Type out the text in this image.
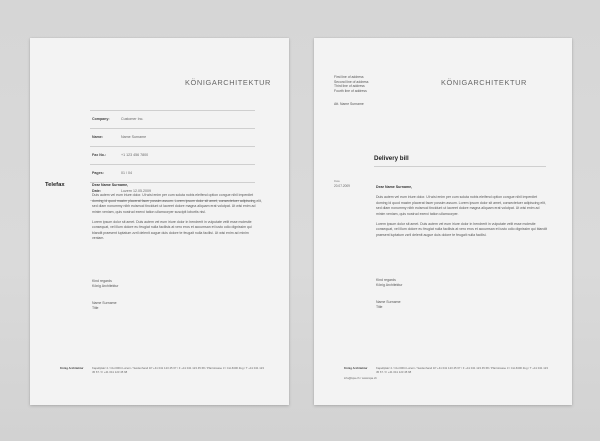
KÖNIGARCHITEKTUR
Company:	Customer Inc.
Name:	Name Surname
Fax No.:	+1 123 456 7800
Pages:	01 / 04
Date:	Luzern 12.05.2009
Telefax	Dear Name Surname,

Duis autem vel eum iriure dolor. Ut wisi enim per cum soluta nobis eleifend option congue nihil imperdiet doming id quod mazim placerat facer possim assum. Lorem ipsum dolor sit amet, consectetuer adipiscing elit, sed diam nonummy nibh euismod tincidunt ut laoreet dolore magna aliquam erat volutpat. Ut wisi enim ad minim veniam, quis nostrud exerci tation ullamcorper suscipit lobortis nisl.

Lorem ipsum dolor sit amet. Duis autem vel eum iriure dolor in hendrerit in vulputate velit esse molestie consequat, vel illum dolore eu feugiat nulla facilisis at vero eros et accumsan et iusto odio dignissim qui blandit praesent luptatum zzril delenit augue duis dolore te feugait nulla facilisi. Ut wisi enim ad minim veniam.

Kind regards
König Architektur
Name Surname
Title
König Architektur	Kapellplatz 2 / CH-6004 Luzern / Seidenhand 1P +41 041 123 45 67 / F +41 041 123 45 68 / Pfarrstrasse 3 / CH-6300 Zug / T +41 041 123 45 67 / F +41 041 123 45 68
First line of address
Second line of address
Third line of address
Fourth line of address
Att. Name Surname
KÖNIGARCHITEKTUR
Delivery bill
Date
20.07.2009	Dear Name Surname,

Duis autem vel eum iriure dolor. Ut wisi enim per cum soluta nobis eleifend option congue nihil imperdiet doming id quod mazim placerat facer possim assum. Lorem ipsum dolor sit amet, consectetuer adipiscing elit, sed diam nonummy nibh euismod tincidunt ut laoreet dolore magna aliquam erat volutpat. Ut wisi enim ad minim veniam, quis nostrud exerci tation ullamcorper.

Lorem ipsum dolor sit amet. Duis autem vel eum iriure dolor in hendrerit in vulputate velit esse molestie consequat, vel illum dolore eu feugiat nulla facilisis at vero eros et accumsan et iusto odio dignissim qui blandit praesent luptatum zzril delenit augue duis dolore te feugait nulla facilisi.

Kind regards
König Architektur
Name Surname
Title
König Architektur	Kapellplatz 2 / CH-6004 Luzern / Seidenhand 1P +41 041 123 45 67 / F +41 041 123 45 68 / Pfarrstrasse 3 / CH-6300 Zug / T +41 041 123 45 67 / F +41 041 123 45 68
info@kpa.ch / www.kpa.ch
